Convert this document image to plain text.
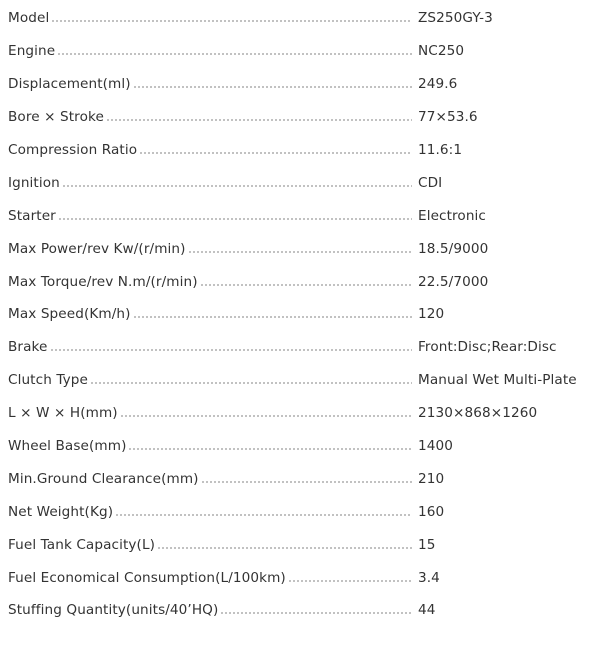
Model	ZS250GY-3
Engine	NC250
Displacement(ml)	249.6
Bore × Stroke	77×53.6
Compression Ratio	11.6:1
Ignition	CDI
Starter	Electronic
Max Power/rev Kw/(r/min)	18.5/9000
Max Torque/rev N.m/(r/min)	22.5/7000
Max Speed(Km/h)	120
Brake	Front:Disc;Rear:Disc
Clutch Type	Manual Wet Multi-Plate
L × W × H(mm)	2130×868×1260
Wheel Base(mm)	1400
Min.Ground Clearance(mm)	210
Net Weight(Kg)	160
Fuel Tank Capacity(L)	15
Fuel Economical Consumption(L/100km)	3.4
Stuffing Quantity(units/40’HQ)	44
